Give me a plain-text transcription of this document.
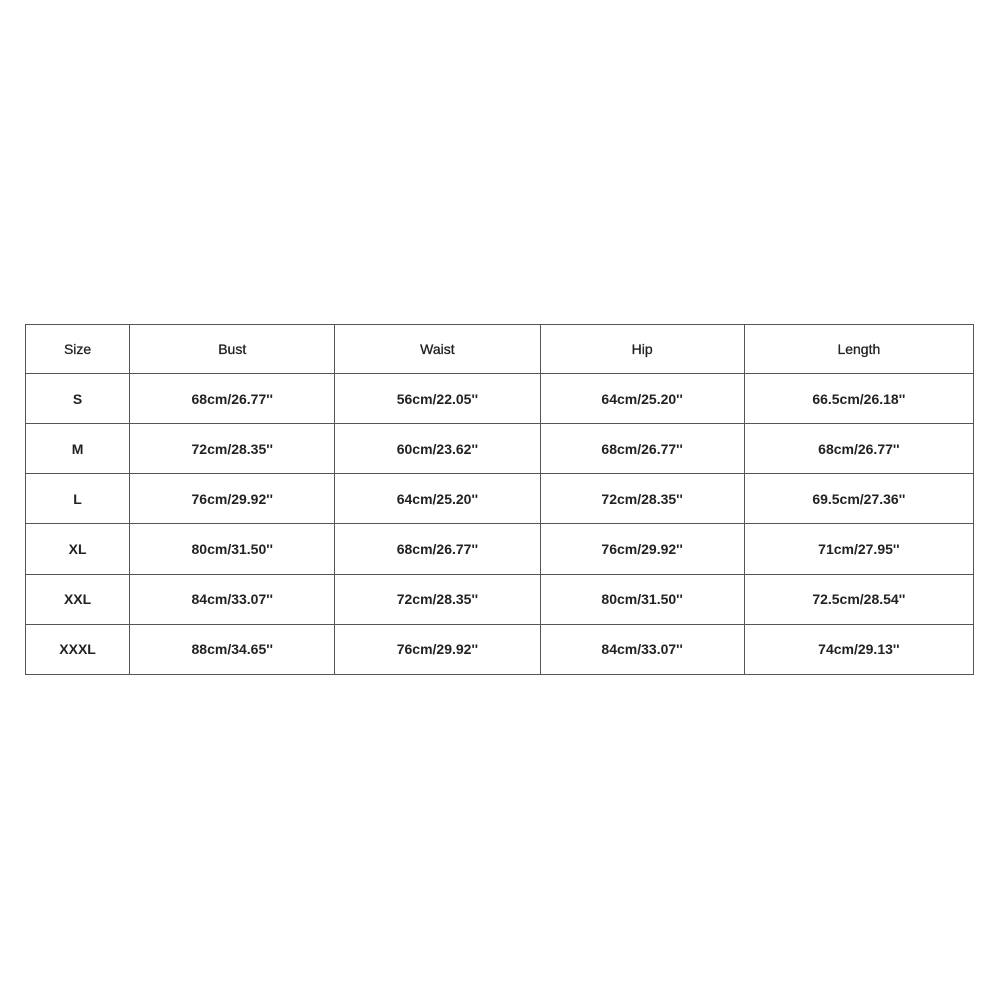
Size	Bust	Waist	Hip	Length
S	68cm/26.77''	56cm/22.05''	64cm/25.20''	66.5cm/26.18''
M	72cm/28.35''	60cm/23.62''	68cm/26.77''	68cm/26.77''
L	76cm/29.92''	64cm/25.20''	72cm/28.35''	69.5cm/27.36''
XL	80cm/31.50''	68cm/26.77''	76cm/29.92''	71cm/27.95''
XXL	84cm/33.07''	72cm/28.35''	80cm/31.50''	72.5cm/28.54''
XXXL	88cm/34.65''	76cm/29.92''	84cm/33.07''	74cm/29.13''
